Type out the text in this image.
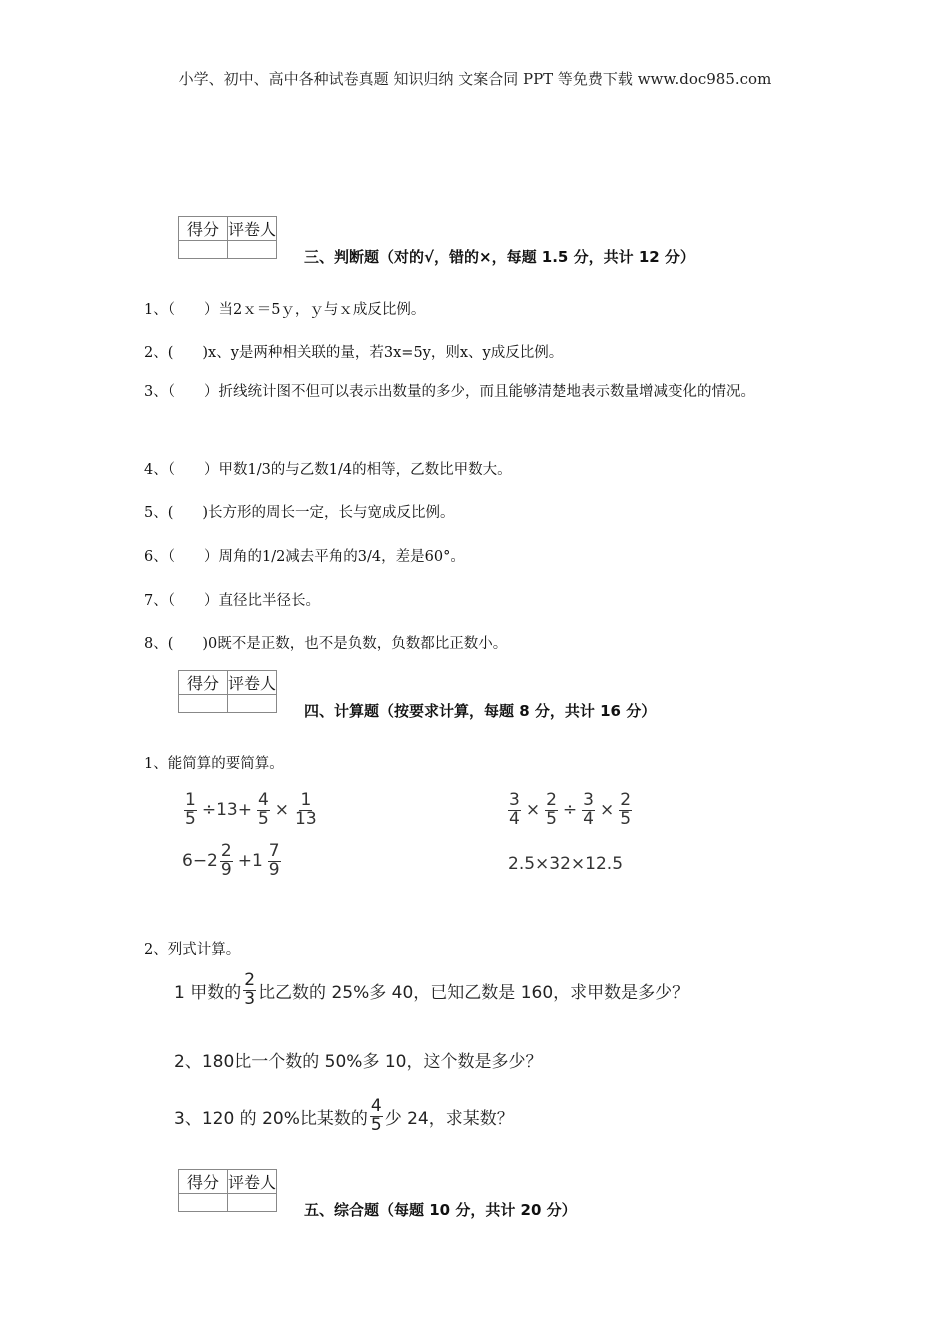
小学、初中、高中各种试卷真题 知识归纳 文案合同 PPT 等免费下载 www.doc985.com
得分	评卷人

三、判断题（对的√，错的×，每题 1.5 分，共计 12 分）
1、（　　）当2ｘ＝5ｙ，ｙ与ｘ成反比例。
2、(　　)x、y是两种相关联的量，若3x=5y，则x、y成反比例。
3、（　　）折线统计图不但可以表示出数量的多少，而且能够清楚地表示数量增减变化的情况。
4、（　　）甲数1/3的与乙数1/4的相等，乙数比甲数大。
5、(　　)长方形的周长一定，长与宽成反比例。
6、（　　）周角的1/2减去平角的3/4，差是60°。
7、（　　）直径比半径长。
8、(　　)0既不是正数，也不是负数，负数都比正数小。
得分	评卷人

四、计算题（按要求计算，每题 8 分，共计 16 分）
1、能简算的要简算。
$\frac{1}{5} \div 13+ \frac{4}{5} \times \frac{1}{13}$	$\frac{3}{4} \times \frac{2}{5} \div \frac{3}{4} \times \frac{2}{5}$
$6-2 \frac{2}{9} +1 \frac{7}{9}$	2.5×32×12.5
2、列式计算。
1 甲数的 $\frac{2}{3}$ 比乙数的 25%多 40，已知乙数是 160，求甲数是多少？
2、180比一个数的 50%多 10，这个数是多少？
3、120 的 20%比某数的 $\frac{4}{5}$ 少 24，求某数？
得分	评卷人

五、综合题（每题 10 分，共计 20 分）
